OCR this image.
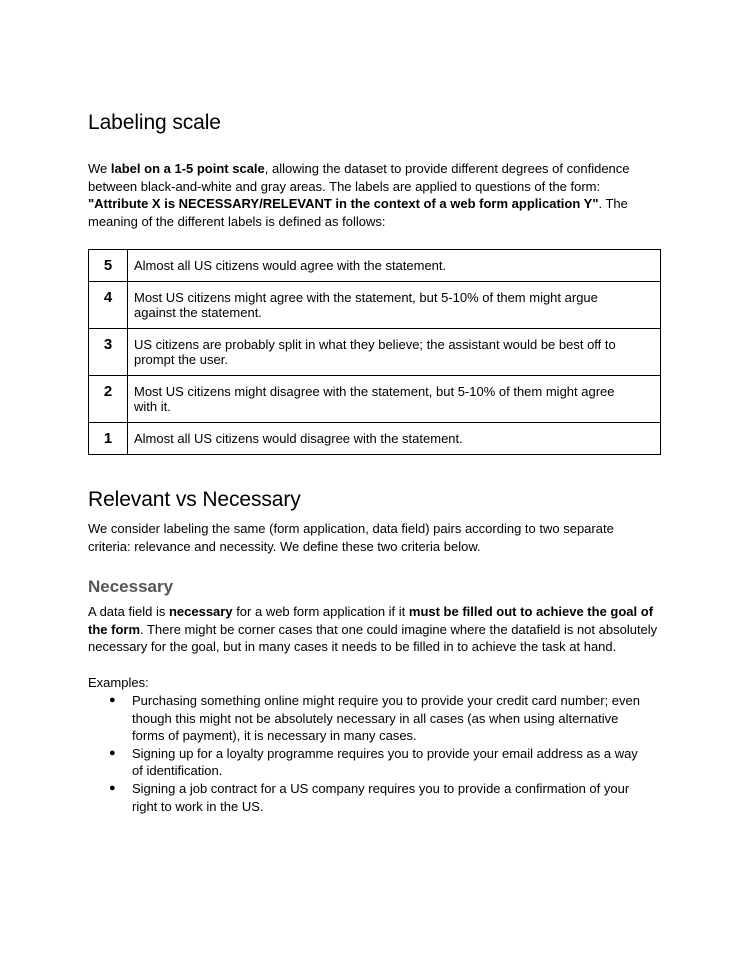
Labeling scale

We label on a 1-5 point scale, allowing the dataset to provide different degrees of confidence between black-and-white and gray areas. The labels are applied to questions of the form: "Attribute X is NECESSARY/RELEVANT in the context of a web form application Y". The meaning of the different labels is defined as follows:

5	Almost all US citizens would agree with the statement.
4	Most US citizens might agree with the statement, but 5-10% of them might argue against the statement.
3	US citizens are probably split in what they believe; the assistant would be best off to prompt the user.
2	Most US citizens might disagree with the statement, but 5-10% of them might agree with it.
1	Almost all US citizens would disagree with the statement.
Relevant vs Necessary

We consider labeling the same (form application, data field) pairs according to two separate criteria: relevance and necessity. We define these two criteria below.

Necessary

A data field is necessary for a web form application if it must be filled out to achieve the goal of the form. There might be corner cases that one could imagine where the datafield is not absolutely necessary for the goal, but in many cases it needs to be filled in to achieve the task at hand.

Examples:

● Purchasing something online might require you to provide your credit card number; even though this might not be absolutely necessary in all cases (as when using alternative forms of payment), it is necessary in many cases.
● Signing up for a loyalty programme requires you to provide your email address as a way of identification.
● Signing a job contract for a US company requires you to provide a confirmation of your right to work in the US.
